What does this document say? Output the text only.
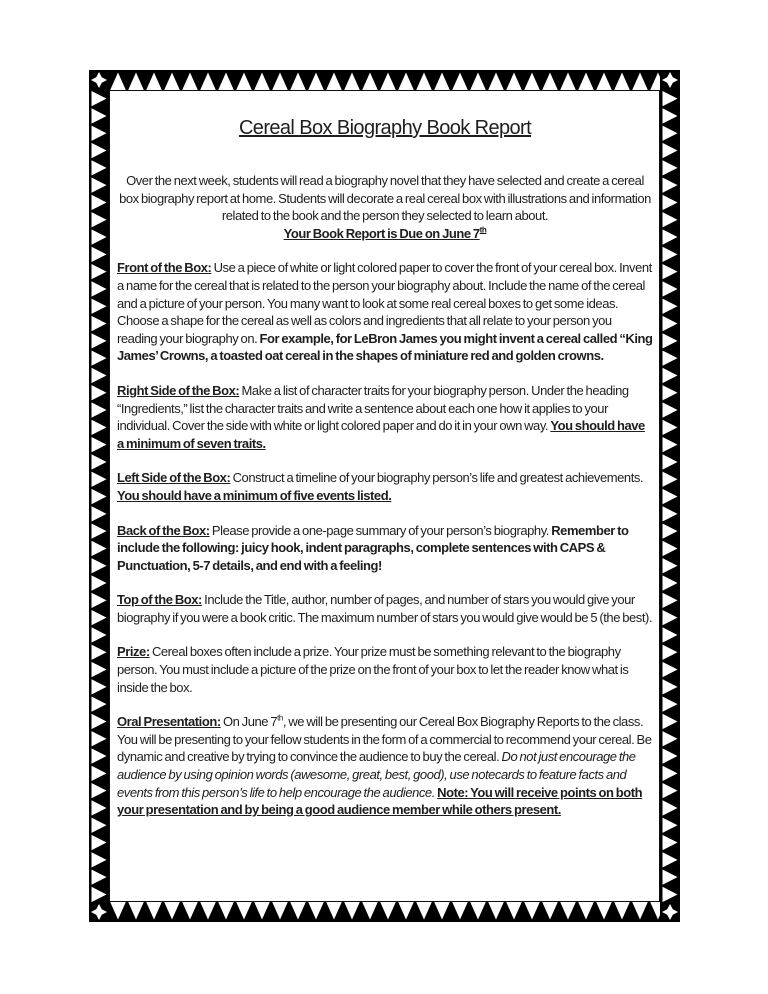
Cereal Box Biography Book Report

Over the next week, students will read a biography novel that they have selected and create a cereal box biography report at home. Students will decorate a real cereal box with illustrations and information related to the book and the person they selected to learn about.

Your Book Report is Due on June 7th

Front of the Box: Use a piece of white or light colored paper to cover the front of your cereal box. Invent a name for the cereal that is related to the person your biography about. Include the name of the cereal and a picture of your person. You many want to look at some real cereal boxes to get some ideas. Choose a shape for the cereal as well as colors and ingredients that all relate to your person you reading your biography on. For example, for LeBron James you might invent a cereal called “King James’ Crowns, a toasted oat cereal in the shapes of miniature red and golden crowns.

Right Side of the Box: Make a list of character traits for your biography person. Under the heading “Ingredients,” list the character traits and write a sentence about each one how it applies to your individual. Cover the side with white or light colored paper and do it in your own way. You should have a minimum of seven traits.

Left Side of the Box: Construct a timeline of your biography person’s life and greatest achievements. You should have a minimum of five events listed.

Back of the Box: Please provide a one-page summary of your person’s biography. Remember to include the following: juicy hook, indent paragraphs, complete sentences with CAPS & Punctuation, 5-7 details, and end with a feeling!

Top of the Box: Include the Title, author, number of pages, and number of stars you would give your biography if you were a book critic. The maximum number of stars you would give would be 5 (the best).

Prize: Cereal boxes often include a prize. Your prize must be something relevant to the biography person. You must include a picture of the prize on the front of your box to let the reader know what is inside the box.

Oral Presentation: On June 7th, we will be presenting our Cereal Box Biography Reports to the class. You will be presenting to your fellow students in the form of a commercial to recommend your cereal. Be dynamic and creative by trying to convince the audience to buy the cereal. Do not just encourage the audience by using opinion words (awesome, great, best, good), use notecards to feature facts and events from this person’s life to help encourage the audience. Note: You will receive points on both your presentation and by being a good audience member while others present.
